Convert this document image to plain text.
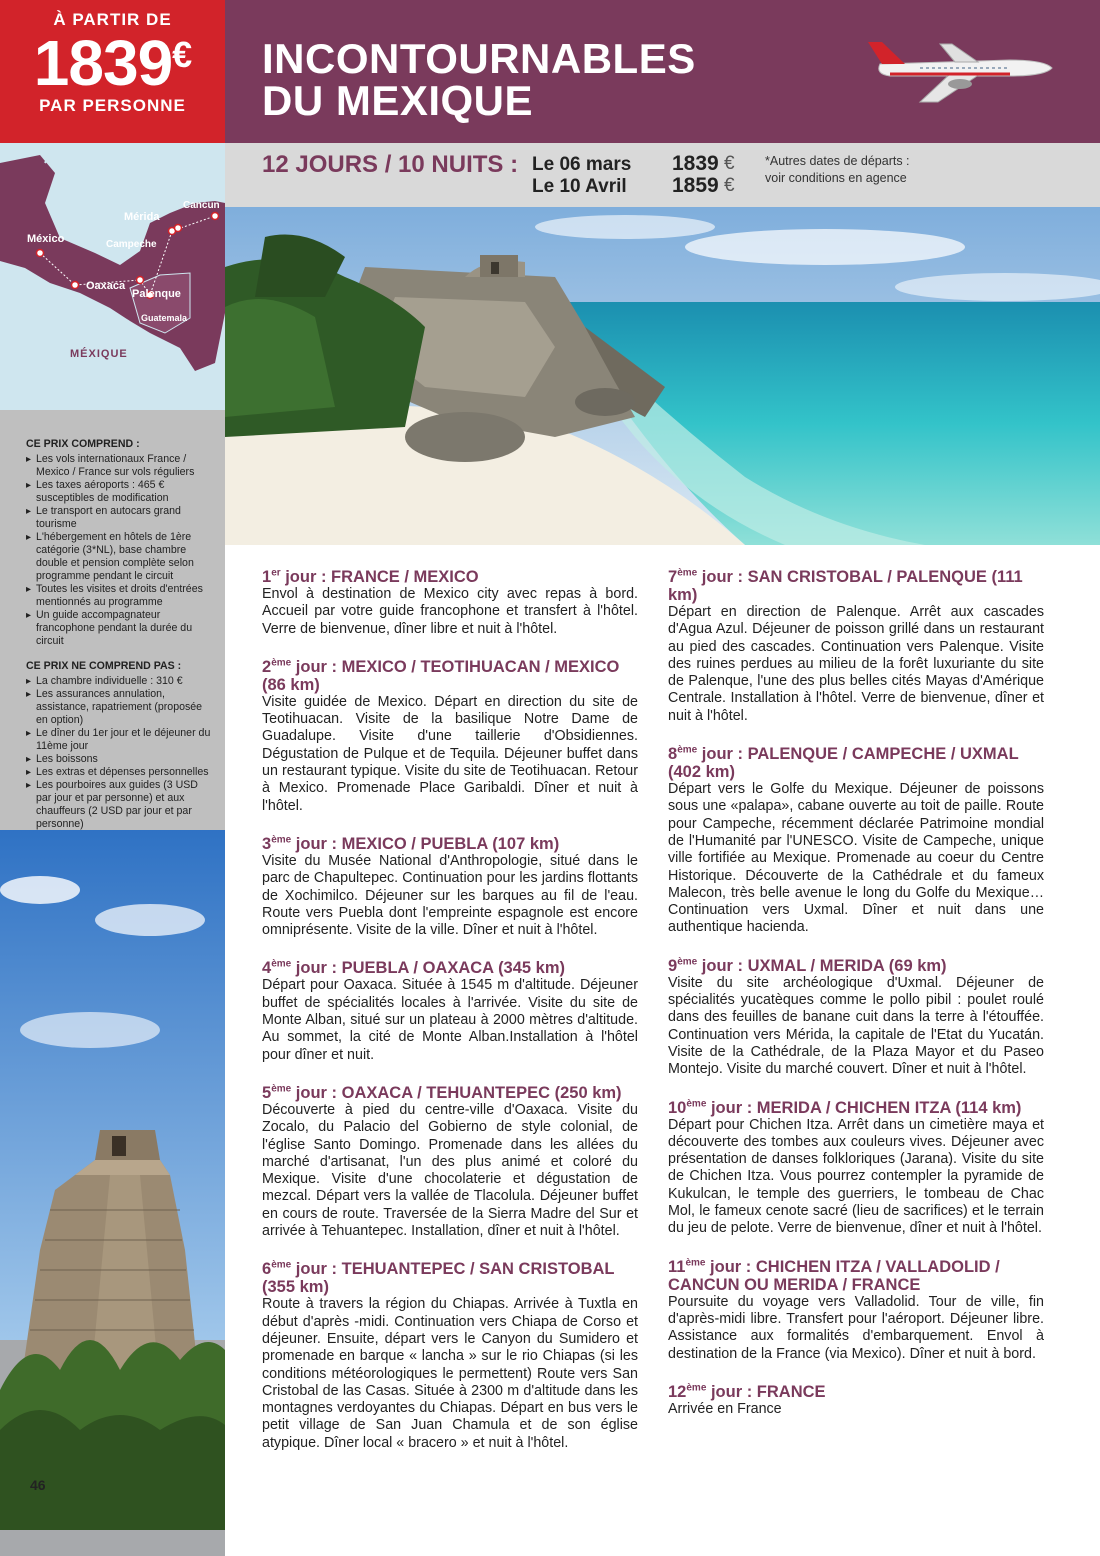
À PARTIR DE
1839€
PAR PERSONNE
INCONTOURNABLES
DU MEXIQUE
12 JOURS / 10 NUITS : Le 06 mars 1839 €
Le 10 Avril 1859 €
*Autres dates de départs :
voir conditions en agence
México
Mérida
Cancun
Campeche
Oaxaca
Palenque
Guatemala
MÉXIQUE
CE PRIX COMPREND :
▸ Les vols internationaux France / Mexico / France sur vols réguliers
▸ Les taxes aéroports : 465 € susceptibles de modification
▸ Le transport en autocars grand tourisme
▸ L'hébergement en hôtels de 1ère catégorie (3*NL), base chambre double et pension complète selon programme pendant le circuit
▸ Toutes les visites et droits d'entrées mentionnés au programme
▸ Un guide accompagnateur francophone pendant la durée du circuit
CE PRIX NE COMPREND PAS :
▸ La chambre individuelle : 310 €
▸ Les assurances annulation, assistance, rapatriement (proposée en option)
▸ Le dîner du 1er jour et le déjeuner du 11ème jour
▸ Les boissons
▸ Les extras et dépenses personnelles
▸ Les pourboires aux guides (3 USD par jour et par personne) et aux chauffeurs (2 USD par jour et par personne)
▸

▸

46
1er jour : FRANCE / MEXICO

Envol à destination de Mexico city avec repas à bord. Accueil par votre guide francophone et transfert à l'hôtel. Verre de bienvenue, dîner libre et nuit à l'hôtel.

2ème jour : MEXICO / TEOTIHUACAN / MEXICO (86 km)

Visite guidée de Mexico. Départ en direction du site de Teotihuacan. Visite de la basilique Notre Dame de Guadalupe. Visite d'une taillerie d'Obsidiennes. Dégustation de Pulque et de Tequila. Déjeuner buffet dans un restaurant typique. Visite du site de Teotihuacan. Retour à Mexico. Promenade Place Garibaldi. Dîner et nuit à l'hôtel.

3ème jour : MEXICO / PUEBLA (107 km)

Visite du Musée National d'Anthropologie, situé dans le parc de Chapultepec. Continuation pour les jardins flottants de Xochimilco. Déjeuner sur les barques au fil de l'eau. Route vers Puebla dont l'empreinte espagnole est encore omniprésente. Visite de la ville. Dîner et nuit à l'hôtel.

4ème jour : PUEBLA / OAXACA (345 km)

Départ pour Oaxaca. Située à 1545 m d'altitude. Déjeuner buffet de spécialités locales à l'arrivée. Visite du site de Monte Alban, situé sur un plateau à 2000 mètres d'altitude. Au sommet, la cité de Monte Alban.Installation à l'hôtel pour dîner et nuit.

5ème jour : OAXACA / TEHUANTEPEC (250 km)

Découverte à pied du centre-ville d'Oaxaca. Visite du Zocalo, du Palacio del Gobierno de style colonial, de l'église Santo Domingo. Promenade dans les allées du marché d'artisanat, l'un des plus animé et coloré du Mexique. Visite d'une chocolaterie et dégustation de mezcal. Départ vers la vallée de Tlacolula. Déjeuner buffet en cours de route. Traversée de la Sierra Madre del Sur et arrivée à Tehuantepec. Installation, dîner et nuit à l'hôtel.

6ème jour : TEHUANTEPEC / SAN CRISTOBAL (355 km)

Route à travers la région du Chiapas. Arrivée à Tuxtla en début d'après -midi. Continuation vers Chiapa de Corso et déjeuner. Ensuite, départ vers le Canyon du Sumidero et promenade en barque « lancha » sur le rio Chiapas (si les conditions météorologiques le permettent) Route vers San Cristobal de las Casas. Située à 2300 m d'altitude dans les montagnes verdoyantes du Chiapas. Départ en bus vers le petit village de San Juan Chamula et de son église atypique. Dîner local « bracero » et nuit à l'hôtel.

7ème jour : SAN CRISTOBAL / PALENQUE (111 km)

Départ en direction de Palenque. Arrêt aux cascades d'Agua Azul. Déjeuner de poisson grillé dans un restaurant au pied des cascades. Continuation vers Palenque. Visite des ruines perdues au milieu de la forêt luxuriante du site de Palenque, l'une des plus belles cités Mayas d'Amérique Centrale. Installation à l'hôtel. Verre de bienvenue, dîner et nuit à l'hôtel.

8ème jour : PALENQUE / CAMPECHE / UXMAL (402 km)

Départ vers le Golfe du Mexique. Déjeuner de poissons sous une «palapa», cabane ouverte au toit de paille. Route pour Campeche, récemment déclarée Patrimoine mondial de l'Humanité par l'UNESCO. Visite de Campeche, unique ville fortifiée au Mexique. Promenade au coeur du Centre Historique. Découverte de la Cathédrale et du fameux Malecon, très belle avenue le long du Golfe du Mexique… Continuation vers Uxmal. Dîner et nuit dans une authentique hacienda.

9ème jour : UXMAL / MERIDA (69 km)

Visite du site archéologique d'Uxmal. Déjeuner de spécialités yucatèques comme le pollo pibil : poulet roulé dans des feuilles de banane cuit dans la terre à l'étouffée. Continuation vers Mérida, la capitale de l'Etat du Yucatán. Visite de la Cathédrale, de la Plaza Mayor et du Paseo Montejo. Visite du marché couvert. Dîner et nuit à l'hôtel.

10ème jour : MERIDA / CHICHEN ITZA (114 km)

Départ pour Chichen Itza. Arrêt dans un cimetière maya et découverte des tombes aux couleurs vives. Déjeuner avec présentation de danses folkloriques (Jarana). Visite du site de Chichen Itza. Vous pourrez contempler la pyramide de Kukulcan, le temple des guerriers, le tombeau de Chac Mol, le fameux cenote sacré (lieu de sacrifices) et le terrain du jeu de pelote. Verre de bienvenue, dîner et nuit à l'hôtel.

11ème jour : CHICHEN ITZA / VALLADOLID / CANCUN OU MERIDA / FRANCE

Poursuite du voyage vers Valladolid. Tour de ville, fin d'après-midi libre. Transfert pour l'aéroport. Déjeuner libre. Assistance aux formalités d'embarquement. Envol à destination de la France (via Mexico). Dîner et nuit à bord.

12ème jour : FRANCE

Arrivée en France
